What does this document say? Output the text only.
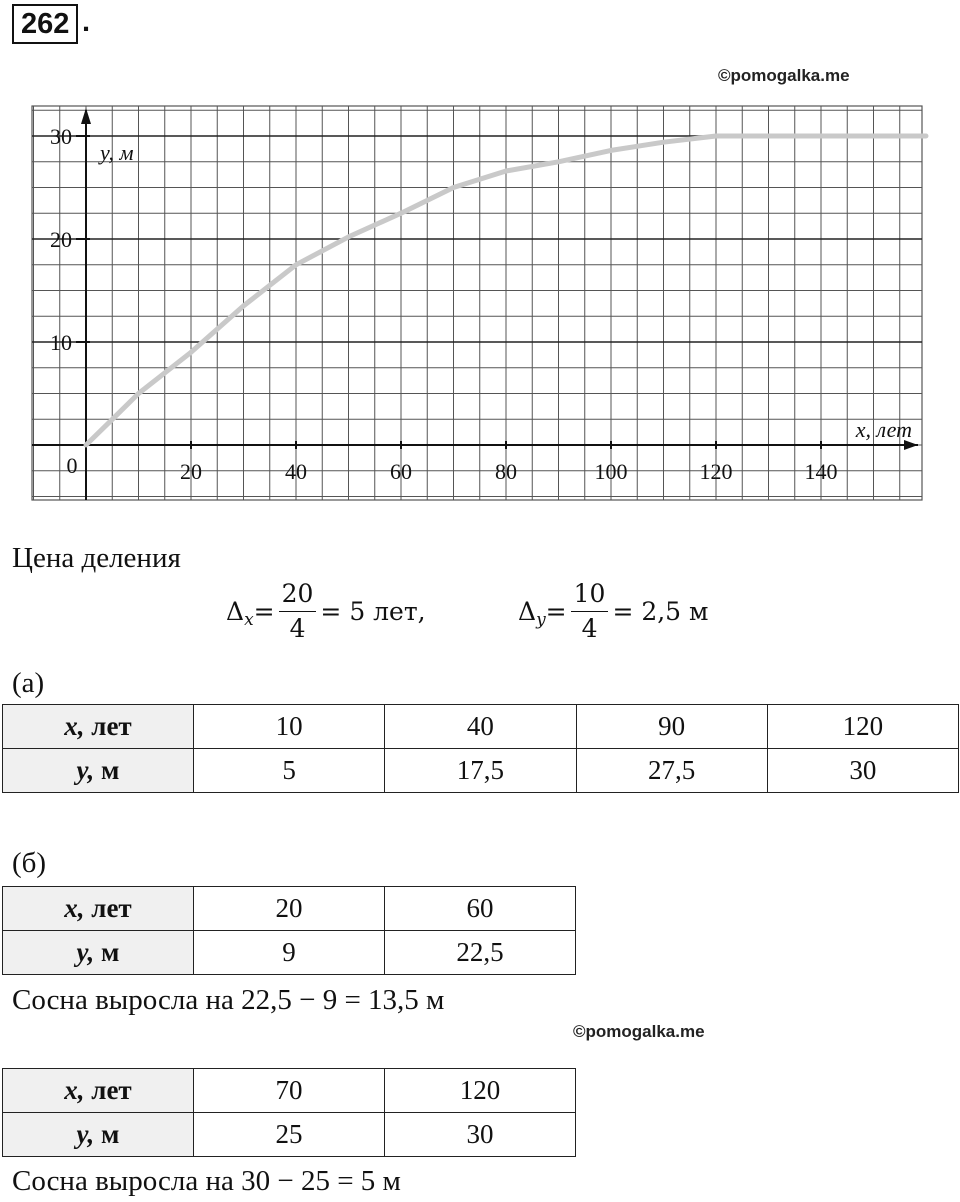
262 .
©pomogalka.me
10
20
30
20	40	60	80	100	120	140
0
x, лет
y, м
Цена деления
Δ $x = \frac{20}{4} = 5$ лет,	Δ $y = \frac{10}{4} = 2,5$ м
(а)
x, лет	10	40	90	120
y, м	5	17,5	27,5	30
(б)
x, лет	20	60
y, м	9	22,5
Сосна выросла на 22,5 − 9 = 13,5 м
©pomogalka.me
x, лет	70	120
y, м	25	30
Сосна выросла на 30 − 25 = 5 м
